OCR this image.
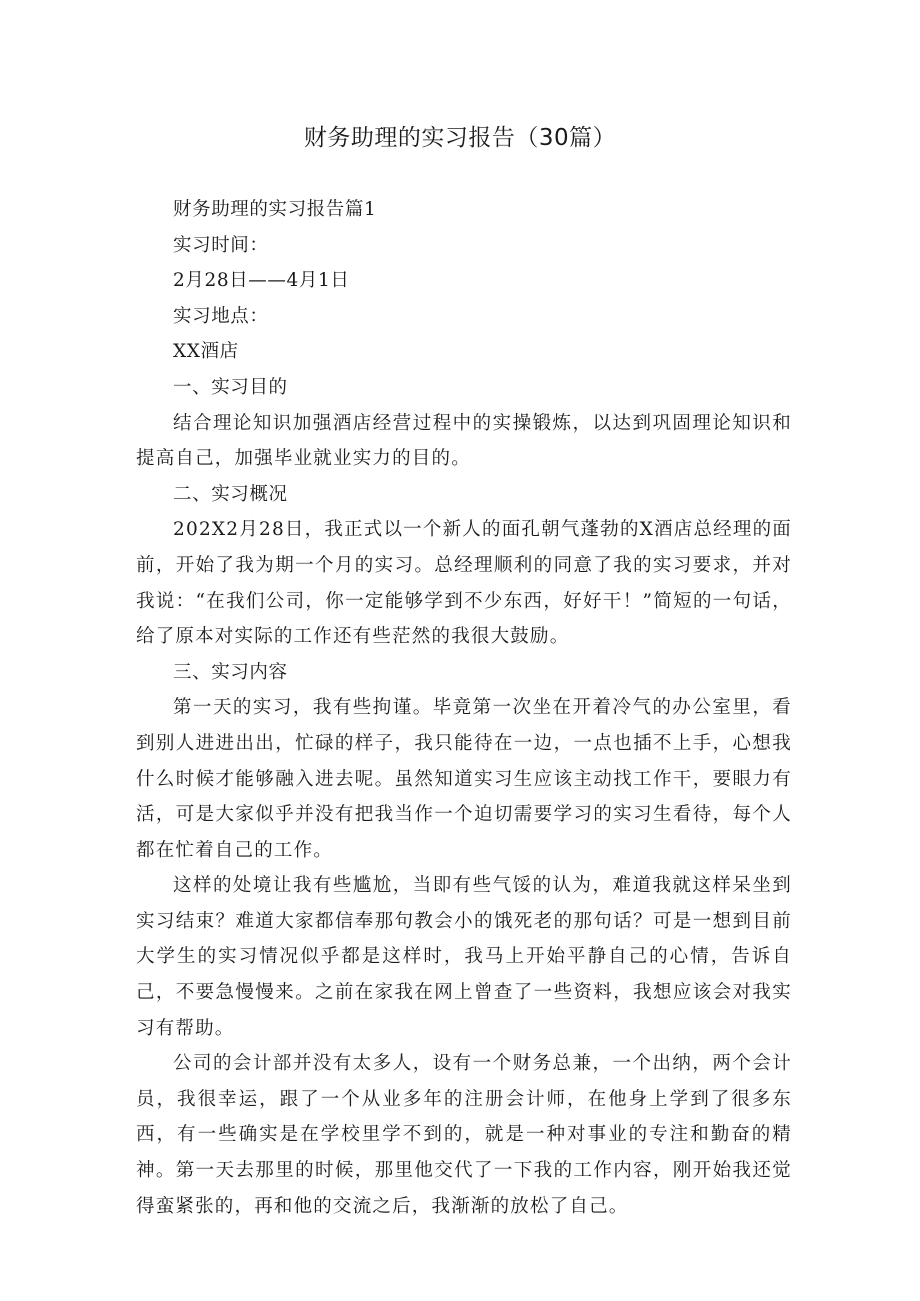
财务助理的实习报告（30篇）

财务助理的实习报告篇1

实习时间：

2月28日——4月1日

实习地点：

XX酒店

一、实习目的

结合理论知识加强酒店经营过程中的实操锻炼，以达到巩固理论知识和提高自己，加强毕业就业实力的目的。

二、实习概况

202X2月28日，我正式以一个新人的面孔朝气蓬勃的X酒店总经理的面前，开始了我为期一个月的实习。总经理顺利的同意了我的实习要求，并对我说：“在我们公司，你一定能够学到不少东西，好好干！”简短的一句话，给了原本对实际的工作还有些茫然的我很大鼓励。

三、实习内容

第一天的实习，我有些拘谨。毕竟第一次坐在开着冷气的办公室里，看到别人进进出出，忙碌的样子，我只能待在一边，一点也插不上手，心想我什么时候才能够融入进去呢。虽然知道实习生应该主动找工作干，要眼力有活，可是大家似乎并没有把我当作一个迫切需要学习的实习生看待，每个人都在忙着自己的工作。

这样的处境让我有些尴尬，当即有些气馁的认为，难道我就这样呆坐到实习结束？难道大家都信奉那句教会小的饿死老的那句话？可是一想到目前大学生的实习情况似乎都是这样时，我马上开始平静自己的心情，告诉自己，不要急慢慢来。之前在家我在网上曾查了一些资料，我想应该会对我实习有帮助。

公司的会计部并没有太多人，设有一个财务总兼，一个出纳，两个会计员，我很幸运，跟了一个从业多年的注册会计师，在他身上学到了很多东西，有一些确实是在学校里学不到的，就是一种对事业的专注和勤奋的精神。第一天去那里的时候，那里他交代了一下我的工作内容，刚开始我还觉得蛮紧张的，再和他的交流之后，我渐渐的放松了自己。
